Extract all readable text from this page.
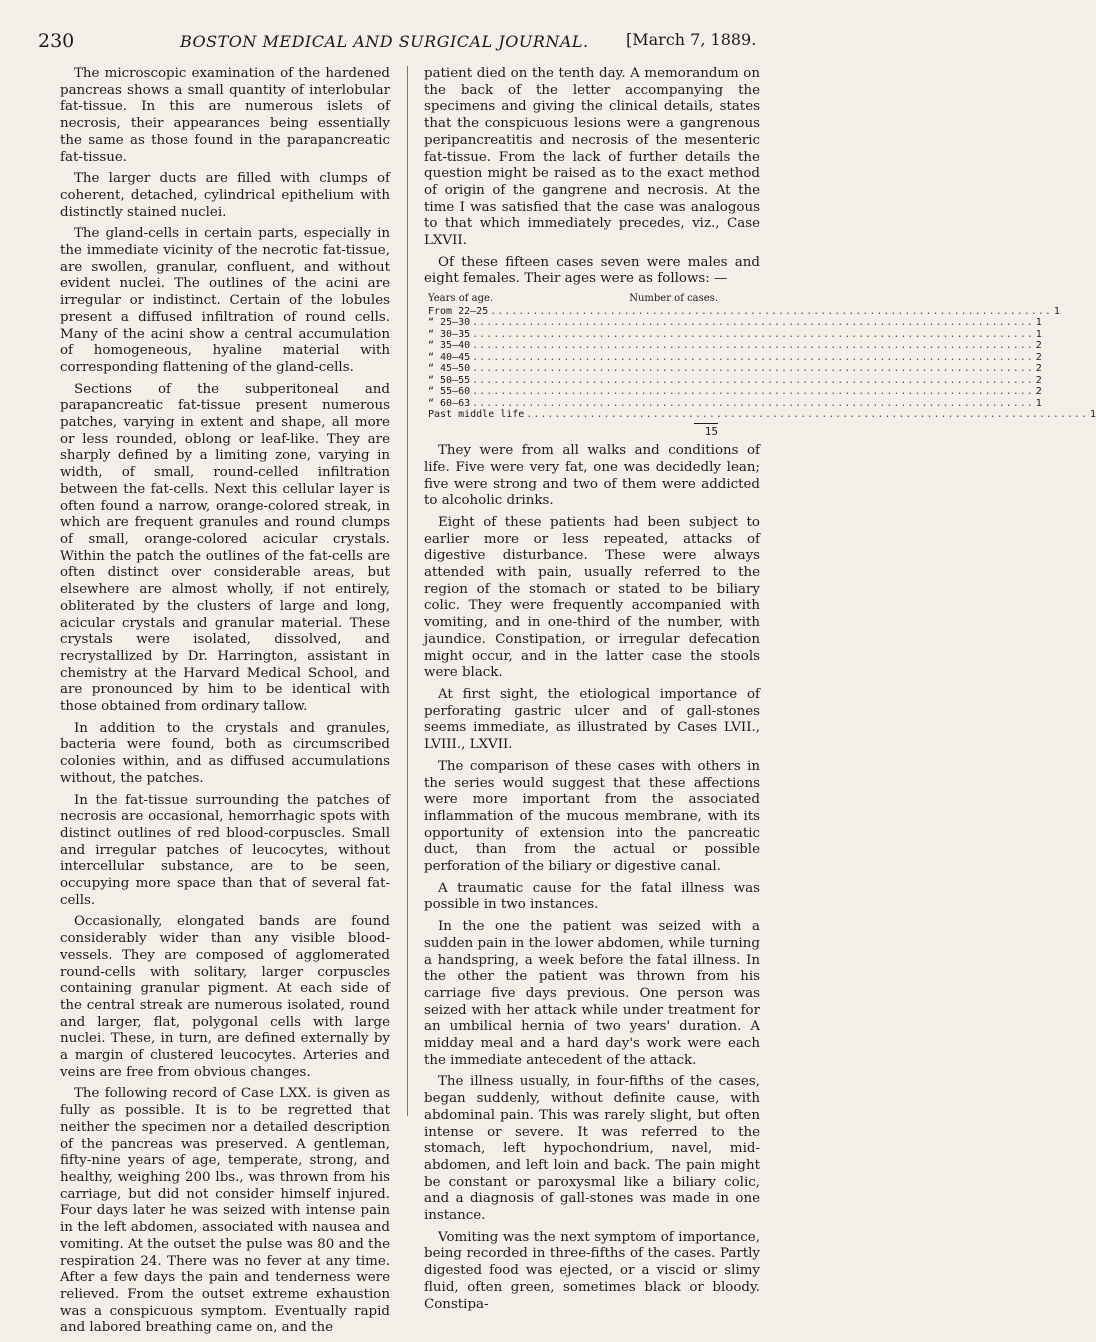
230	BOSTON MEDICAL AND SURGICAL JOURNAL. [March 7, 1889.

The microscopic examination of the hardened pancreas shows a small quantity of interlobular fat-tissue. In this are numerous islets of necrosis, their appearances being essentially the same as those found in the parapancreatic fat-tissue.

The larger ducts are filled with clumps of coherent, detached, cylindrical epithelium with distinctly stained nuclei.

The gland-cells in certain parts, especially in the immediate vicinity of the necrotic fat-tissue, are swollen, granular, confluent, and without evident nuclei. The outlines of the acini are irregular or indistinct. Certain of the lobules present a diffused infiltration of round cells. Many of the acini show a central accumulation of homogeneous, hyaline material with corresponding flattening of the gland-cells.

Sections of the subperitoneal and parapancreatic fat-tissue present numerous patches, varying in extent and shape, all more or less rounded, oblong or leaf-like. They are sharply defined by a limiting zone, varying in width, of small, round-celled infiltration between the fat-cells. Next this cellular layer is often found a narrow, orange-colored streak, in which are frequent granules and round clumps of small, orange-colored acicular crystals. Within the patch the outlines of the fat-cells are often distinct over considerable areas, but elsewhere are almost wholly, if not entirely, obliterated by the clusters of large and long, acicular crystals and granular material. These crystals were isolated, dissolved, and recrystallized by Dr. Harrington, assistant in chemistry at the Harvard Medical School, and are pronounced by him to be identical with those obtained from ordinary tallow.

In addition to the crystals and granules, bacteria were found, both as circumscribed colonies within, and as diffused accumulations without, the patches.

In the fat-tissue surrounding the patches of necrosis are occasional, hemorrhagic spots with distinct outlines of red blood-corpuscles. Small and irregular patches of leucocytes, without intercellular substance, are to be seen, occupying more space than that of several fat-cells.

Occasionally, elongated bands are found considerably wider than any visible blood-vessels. They are composed of agglomerated round-cells with solitary, larger corpuscles containing granular pigment. At each side of the central streak are numerous isolated, round and larger, flat, polygonal cells with large nuclei. These, in turn, are defined externally by a margin of clustered leucocytes. Arteries and veins are free from obvious changes.

The following record of Case LXX. is given as fully as possible. It is to be regretted that neither the specimen nor a detailed description of the pancreas was preserved. A gentleman, fifty-nine years of age, temperate, strong, and healthy, weighing 200 lbs., was thrown from his carriage, but did not consider himself injured. Four days later he was seized with intense pain in the left abdomen, associated with nausea and vomiting. At the outset the pulse was 80 and the respiration 24. There was no fever at any time. After a few days the pain and tenderness were relieved. From the outset extreme exhaustion was a conspicuous symptom. Eventually rapid and labored breathing came on, and the

patient died on the tenth day. A memorandum on the back of the letter accompanying the specimens and giving the clinical details, states that the conspicuous lesions were a gangrenous peripancreatitis and necrosis of the mesenteric fat-tissue. From the lack of further details the question might be raised as to the exact method of origin of the gangrene and necrosis. At the time I was satisfied that the case was analogous to that which immediately precedes, viz., Case LXVII.

Of these fifteen cases seven were males and eight females. Their ages were as follows: —

Years of age.	Number of cases.
From 22–25 ................................................................................ 1
“ 25–30 ................................................................................ 1
“ 30–35 ................................................................................ 1
“ 35–40 ................................................................................ 2
“ 40–45 ................................................................................ 2
“ 45–50 ................................................................................ 2
“ 50–55 ................................................................................ 2
“ 55–60 ................................................................................ 2
“ 60–63 ................................................................................ 1
Past middle life ................................................................................ 1
15

They were from all walks and conditions of life. Five were very fat, one was decidedly lean; five were strong and two of them were addicted to alcoholic drinks.

Eight of these patients had been subject to earlier more or less repeated, attacks of digestive disturbance. These were always attended with pain, usually referred to the region of the stomach or stated to be biliary colic. They were frequently accompanied with vomiting, and in one-third of the number, with jaundice. Constipation, or irregular defecation might occur, and in the latter case the stools were black.

At first sight, the etiological importance of perforating gastric ulcer and of gall-stones seems immediate, as illustrated by Cases LVII., LVIII., LXVII.

The comparison of these cases with others in the series would suggest that these affections were more important from the associated inflammation of the mucous membrane, with its opportunity of extension into the pancreatic duct, than from the actual or possible perforation of the biliary or digestive canal.

A traumatic cause for the fatal illness was possible in two instances.

In the one the patient was seized with a sudden pain in the lower abdomen, while turning a handspring, a week before the fatal illness. In the other the patient was thrown from his carriage five days previous. One person was seized with her attack while under treatment for an umbilical hernia of two years' duration. A midday meal and a hard day's work were each the immediate antecedent of the attack.

The illness usually, in four-fifths of the cases, began suddenly, without definite cause, with abdominal pain. This was rarely slight, but often intense or severe. It was referred to the stomach, left hypochondrium, navel, mid-abdomen, and left loin and back. The pain might be constant or paroxysmal like a biliary colic, and a diagnosis of gall-stones was made in one instance.

Vomiting was the next symptom of importance, being recorded in three-fifths of the cases. Partly digested food was ejected, or a viscid or slimy fluid, often green, sometimes black or bloody. Constipa-
